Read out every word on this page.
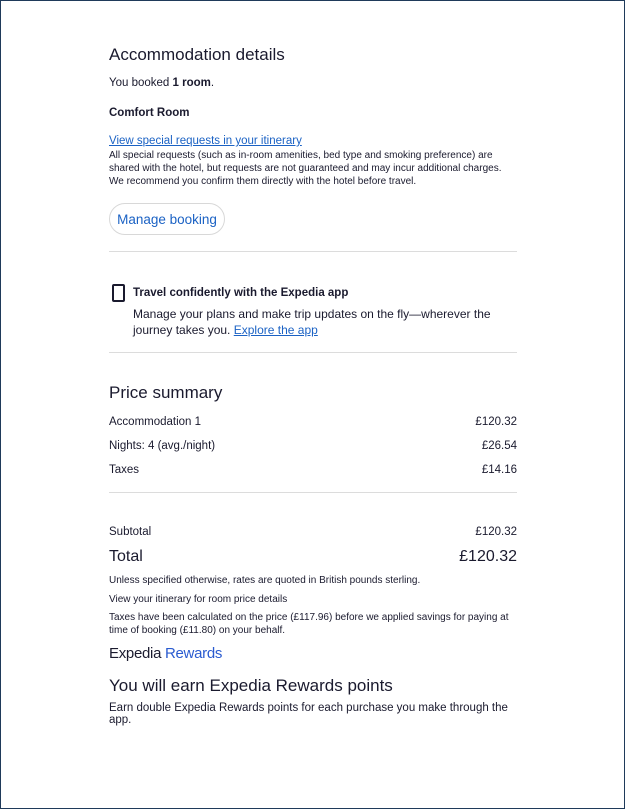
Accommodation details
You booked 1 room.
Comfort Room
View special requests in your itinerary
All special requests (such as in-room amenities, bed type and smoking preference) are shared with the hotel, but requests are not guaranteed and may incur additional charges. We recommend you confirm them directly with the hotel before travel.
Manage booking
Travel confidently with the Expedia app
Manage your plans and make trip updates on the fly—wherever the journey takes you. Explore the app
Price summary
Accommodation 1	£120.32
Nights: 4 (avg./night)	£26.54
Taxes	£14.16
Subtotal	£120.32
Total	£120.32
Unless specified otherwise, rates are quoted in British pounds sterling.
View your itinerary for room price details
Taxes have been calculated on the price (£117.96) before we applied savings for paying at time of booking (£11.80) on your behalf.
Expedia Rewards
You will earn Expedia Rewards points
Earn double Expedia Rewards points for each purchase you make through the app.
